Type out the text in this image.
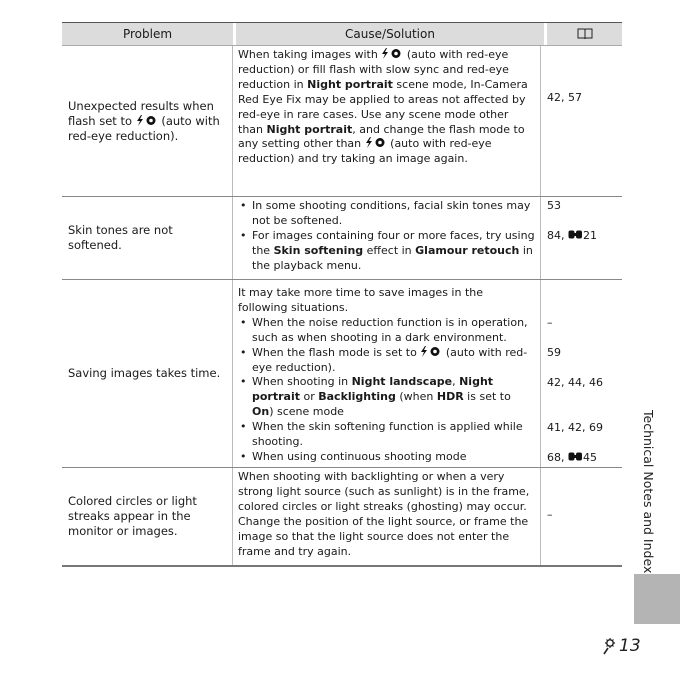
Problem	Cause/Solution
Unexpected results when flash set to  (auto with red-eye reduction).
When taking images with  (auto with red-eye reduction) or fill flash with slow sync and red-eye reduction in Night portrait scene mode, In-Camera Red Eye Fix may be applied to areas not affected by red-eye in rare cases. Use any scene mode other than Night portrait, and change the flash mode to any setting other than  (auto with red-eye reduction) and try taking an image again.
42, 57
Skin tones are not softened.
• In some shooting conditions, facial skin tones may not be softened.
• For images containing four or more faces, try using the Skin softening effect in Glamour retouch in the playback menu.
53
84, 21
Saving images takes time.
It may take more time to save images in the following situations.
• When the noise reduction function is in operation, such as when shooting in a dark environment.
• When the flash mode is set to  (auto with red-eye reduction).
• When shooting in Night landscape, Night portrait or Backlighting (when HDR is set to On) scene mode
• When the skin softening function is applied while shooting.
• When using continuous shooting mode
–
59
42, 44, 46
41, 42, 69
68, 45
Colored circles or light streaks appear in the monitor or images.
When shooting with backlighting or when a very strong light source (such as sunlight) is in the frame, colored circles or light streaks (ghosting) may occur. Change the position of the light source, or frame the image so that the light source does not enter the frame and try again.
–	Technical Notes and Index
13
